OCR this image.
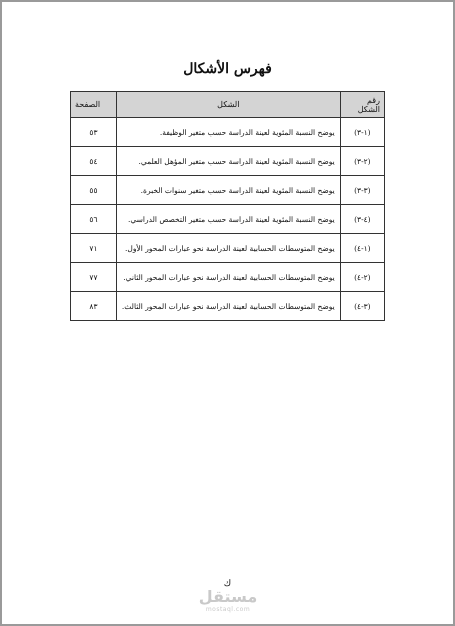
فهرس الأشكال
رقم الشكل	الشكل	الصفحة
(١-٣)	يوضح النسبة المئوية لعينة الدراسة حسب متغير الوظيفة.	٥٣
(٢-٣)	يوضح النسبة المئوية لعينة الدراسة حسب متغير المؤهل العلمي.	٥٤
(٣-٣)	يوضح النسبة المئوية لعينة الدراسة حسب متغير سنوات الخبرة.	٥٥
(٤-٣)	يوضح النسبة المئوية لعينة الدراسة حسب متغير التخصص الدراسي.	٥٦
(١-٤)	يوضح المتوسطات الحسابية لعينة الدراسة نحو عبارات المحور الأول.	٧١
(٢-٤)	يوضح المتوسطات الحسابية لعينة الدراسة نحو عبارات المحور الثاني.	٧٧
(٣-٤)	يوضح المتوسطات الحسابية لعينة الدراسة نحو عبارات المحور الثالث.	٨٣
ك
مستقل
mostaql.com
